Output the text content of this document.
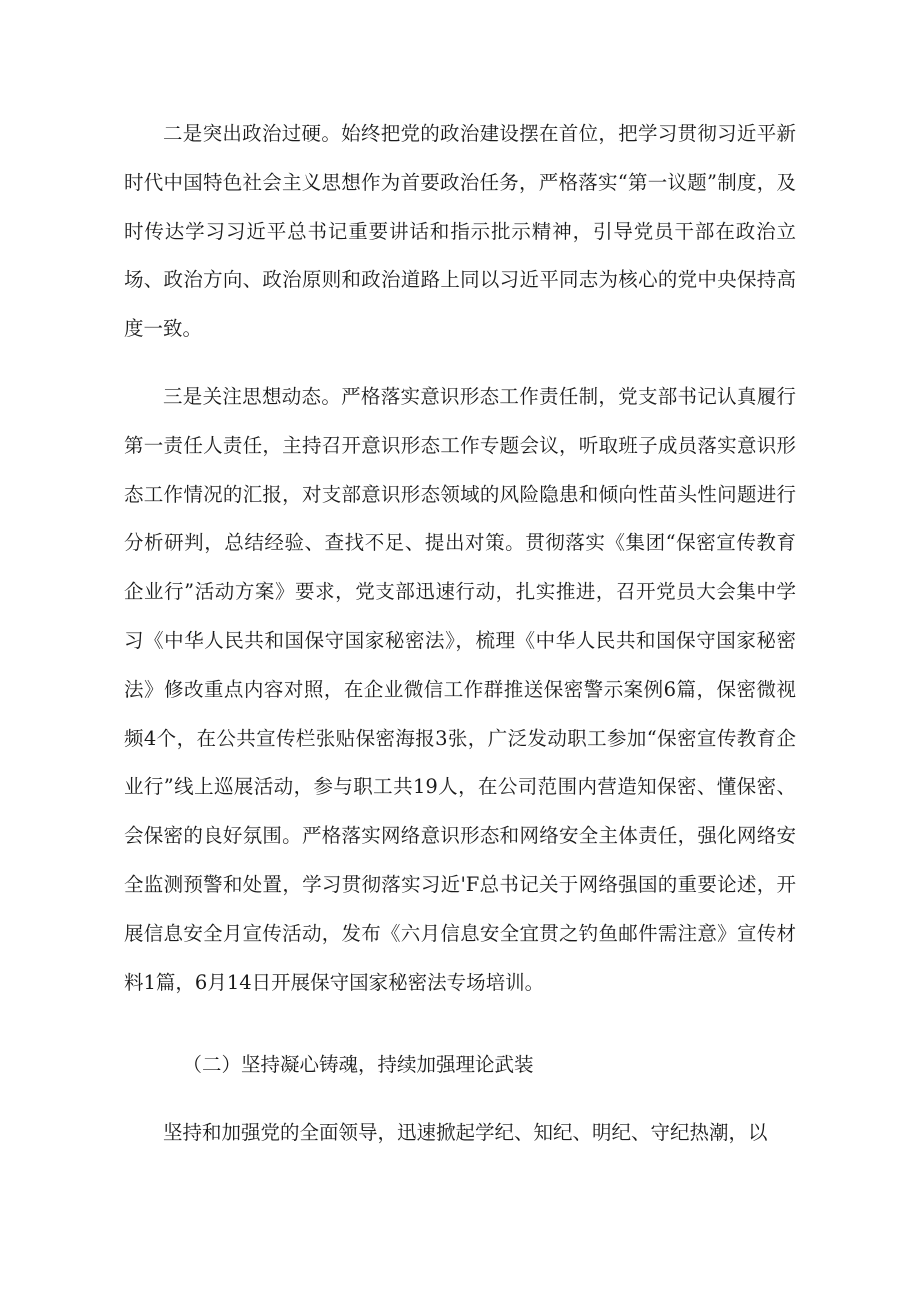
二是突出政治过硬。始终把党的政治建设摆在首位，把学习贯彻习近平新时代中国特色社会主义思想作为首要政治任务，严格落实“第一议题”制度，及时传达学习习近平总书记重要讲话和指示批示精神，引导党员干部在政治立场、政治方向、政治原则和政治道路上同以习近平同志为核心的党中央保持高度一致。

三是关注思想动态。严格落实意识形态工作责任制，党支部书记认真履行第一责任人责任，主持召开意识形态工作专题会议，听取班子成员落实意识形态工作情况的汇报，对支部意识形态领域的风险隐患和倾向性苗头性问题进行分析研判，总结经验、查找不足、提出对策。贯彻落实《集团“保密宣传教育企业行”活动方案》要求，党支部迅速行动，扎实推进，召开党员大会集中学习《中华人民共和国保守国家秘密法》，梳理《中华人民共和国保守国家秘密法》修改重点内容对照，在企业微信工作群推送保密警示案例6篇，保密微视频4个，在公共宣传栏张贴保密海报3张，广泛发动职工参加“保密宣传教育企业行”线上巡展活动，参与职工共19人，在公司范围内营造知保密、懂保密、会保密的良好氛围。严格落实网络意识形态和网络安全主体责任，强化网络安全监测预警和处置，学习贯彻落实习近'F总书记关于网络强国的重要论述，开展信息安全月宣传活动，发布《六月信息安全宜贯之钓鱼邮件需注意》宣传材料1篇，6月14日开展保守国家秘密法专场培训。

（二）坚持凝心铸魂，持续加强理论武装

坚持和加强党的全面领导，迅速掀起学纪、知纪、明纪、守纪热潮，以
